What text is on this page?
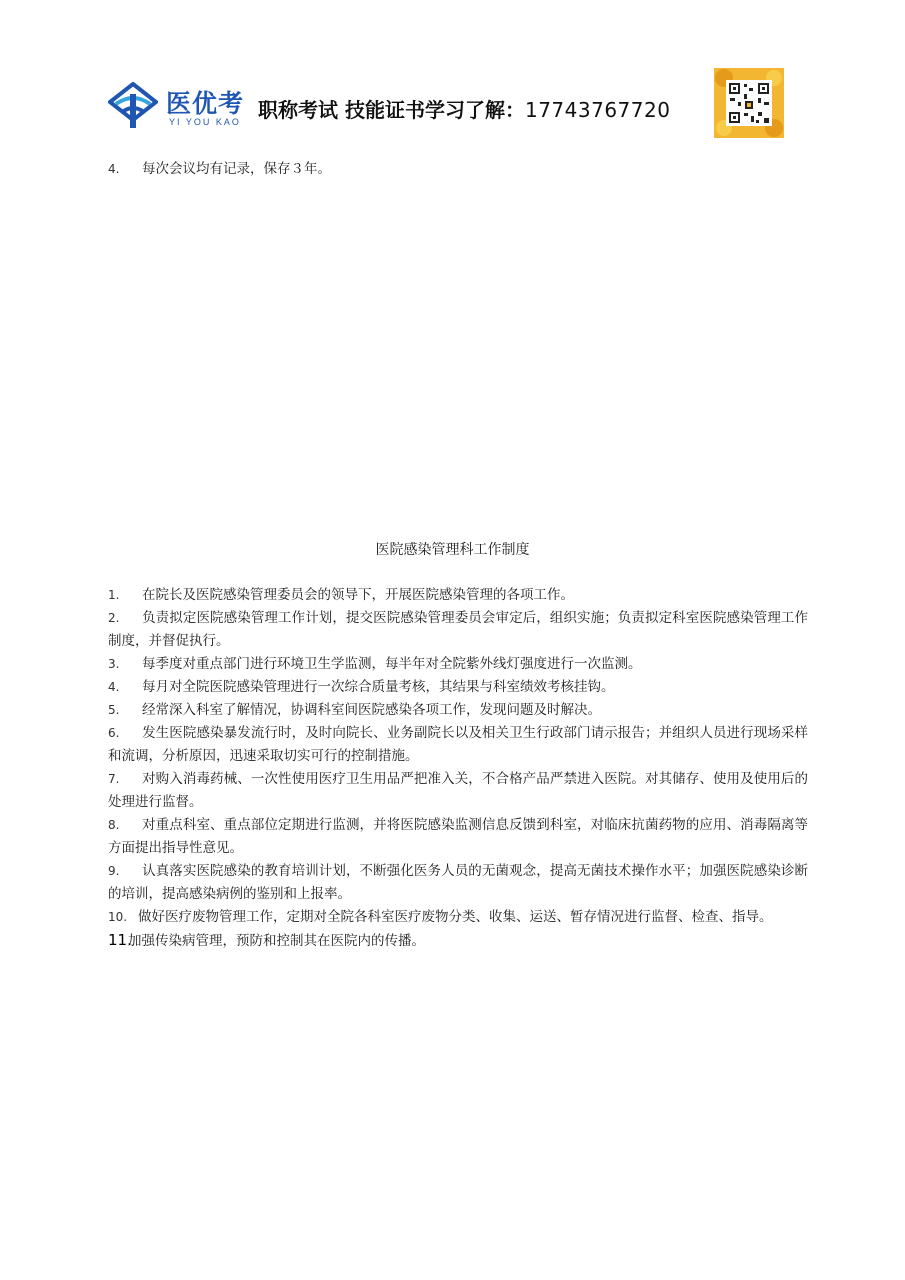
医优考
YI YOU KAO 职称考试 技能证书学习了解：17743767720
4. 每次会议均有记录，保存３年。
医院感染管理科工作制度
1. 在院长及医院感染管理委员会的领导下，开展医院感染管理的各项工作。
2. 负责拟定医院感染管理工作计划，提交医院感染管理委员会审定后，组织实施；负责拟定科室医院感染管理工作制度，并督促执行。
3. 每季度对重点部门进行环境卫生学监测，每半年对全院紫外线灯强度进行一次监测。
4. 每月对全院医院感染管理进行一次综合质量考核，其结果与科室绩效考核挂钩。
5. 经常深入科室了解情况，协调科室间医院感染各项工作，发现问题及时解决。
6. 发生医院感染暴发流行时，及时向院长、业务副院长以及相关卫生行政部门请示报告；并组织人员进行现场采样和流调，分析原因，迅速采取切实可行的控制措施。
7. 对购入消毒药械、一次性使用医疗卫生用品严把准入关，不合格产品严禁进入医院。对其储存、使用及使用后的处理进行监督。
8. 对重点科室、重点部位定期进行监测，并将医院感染监测信息反馈到科室，对临床抗菌药物的应用、消毒隔离等方面提出指导性意见。
9. 认真落实医院感染的教育培训计划，不断强化医务人员的无菌观念，提高无菌技术操作水平；加强医院感染诊断的培训，提高感染病例的鉴别和上报率。
10. 做好医疗废物管理工作，定期对全院各科室医疗废物分类、收集、运送、暂存情况进行监督、检查、指导。
11.加强传染病管理，预防和控制其在医院内的传播。
